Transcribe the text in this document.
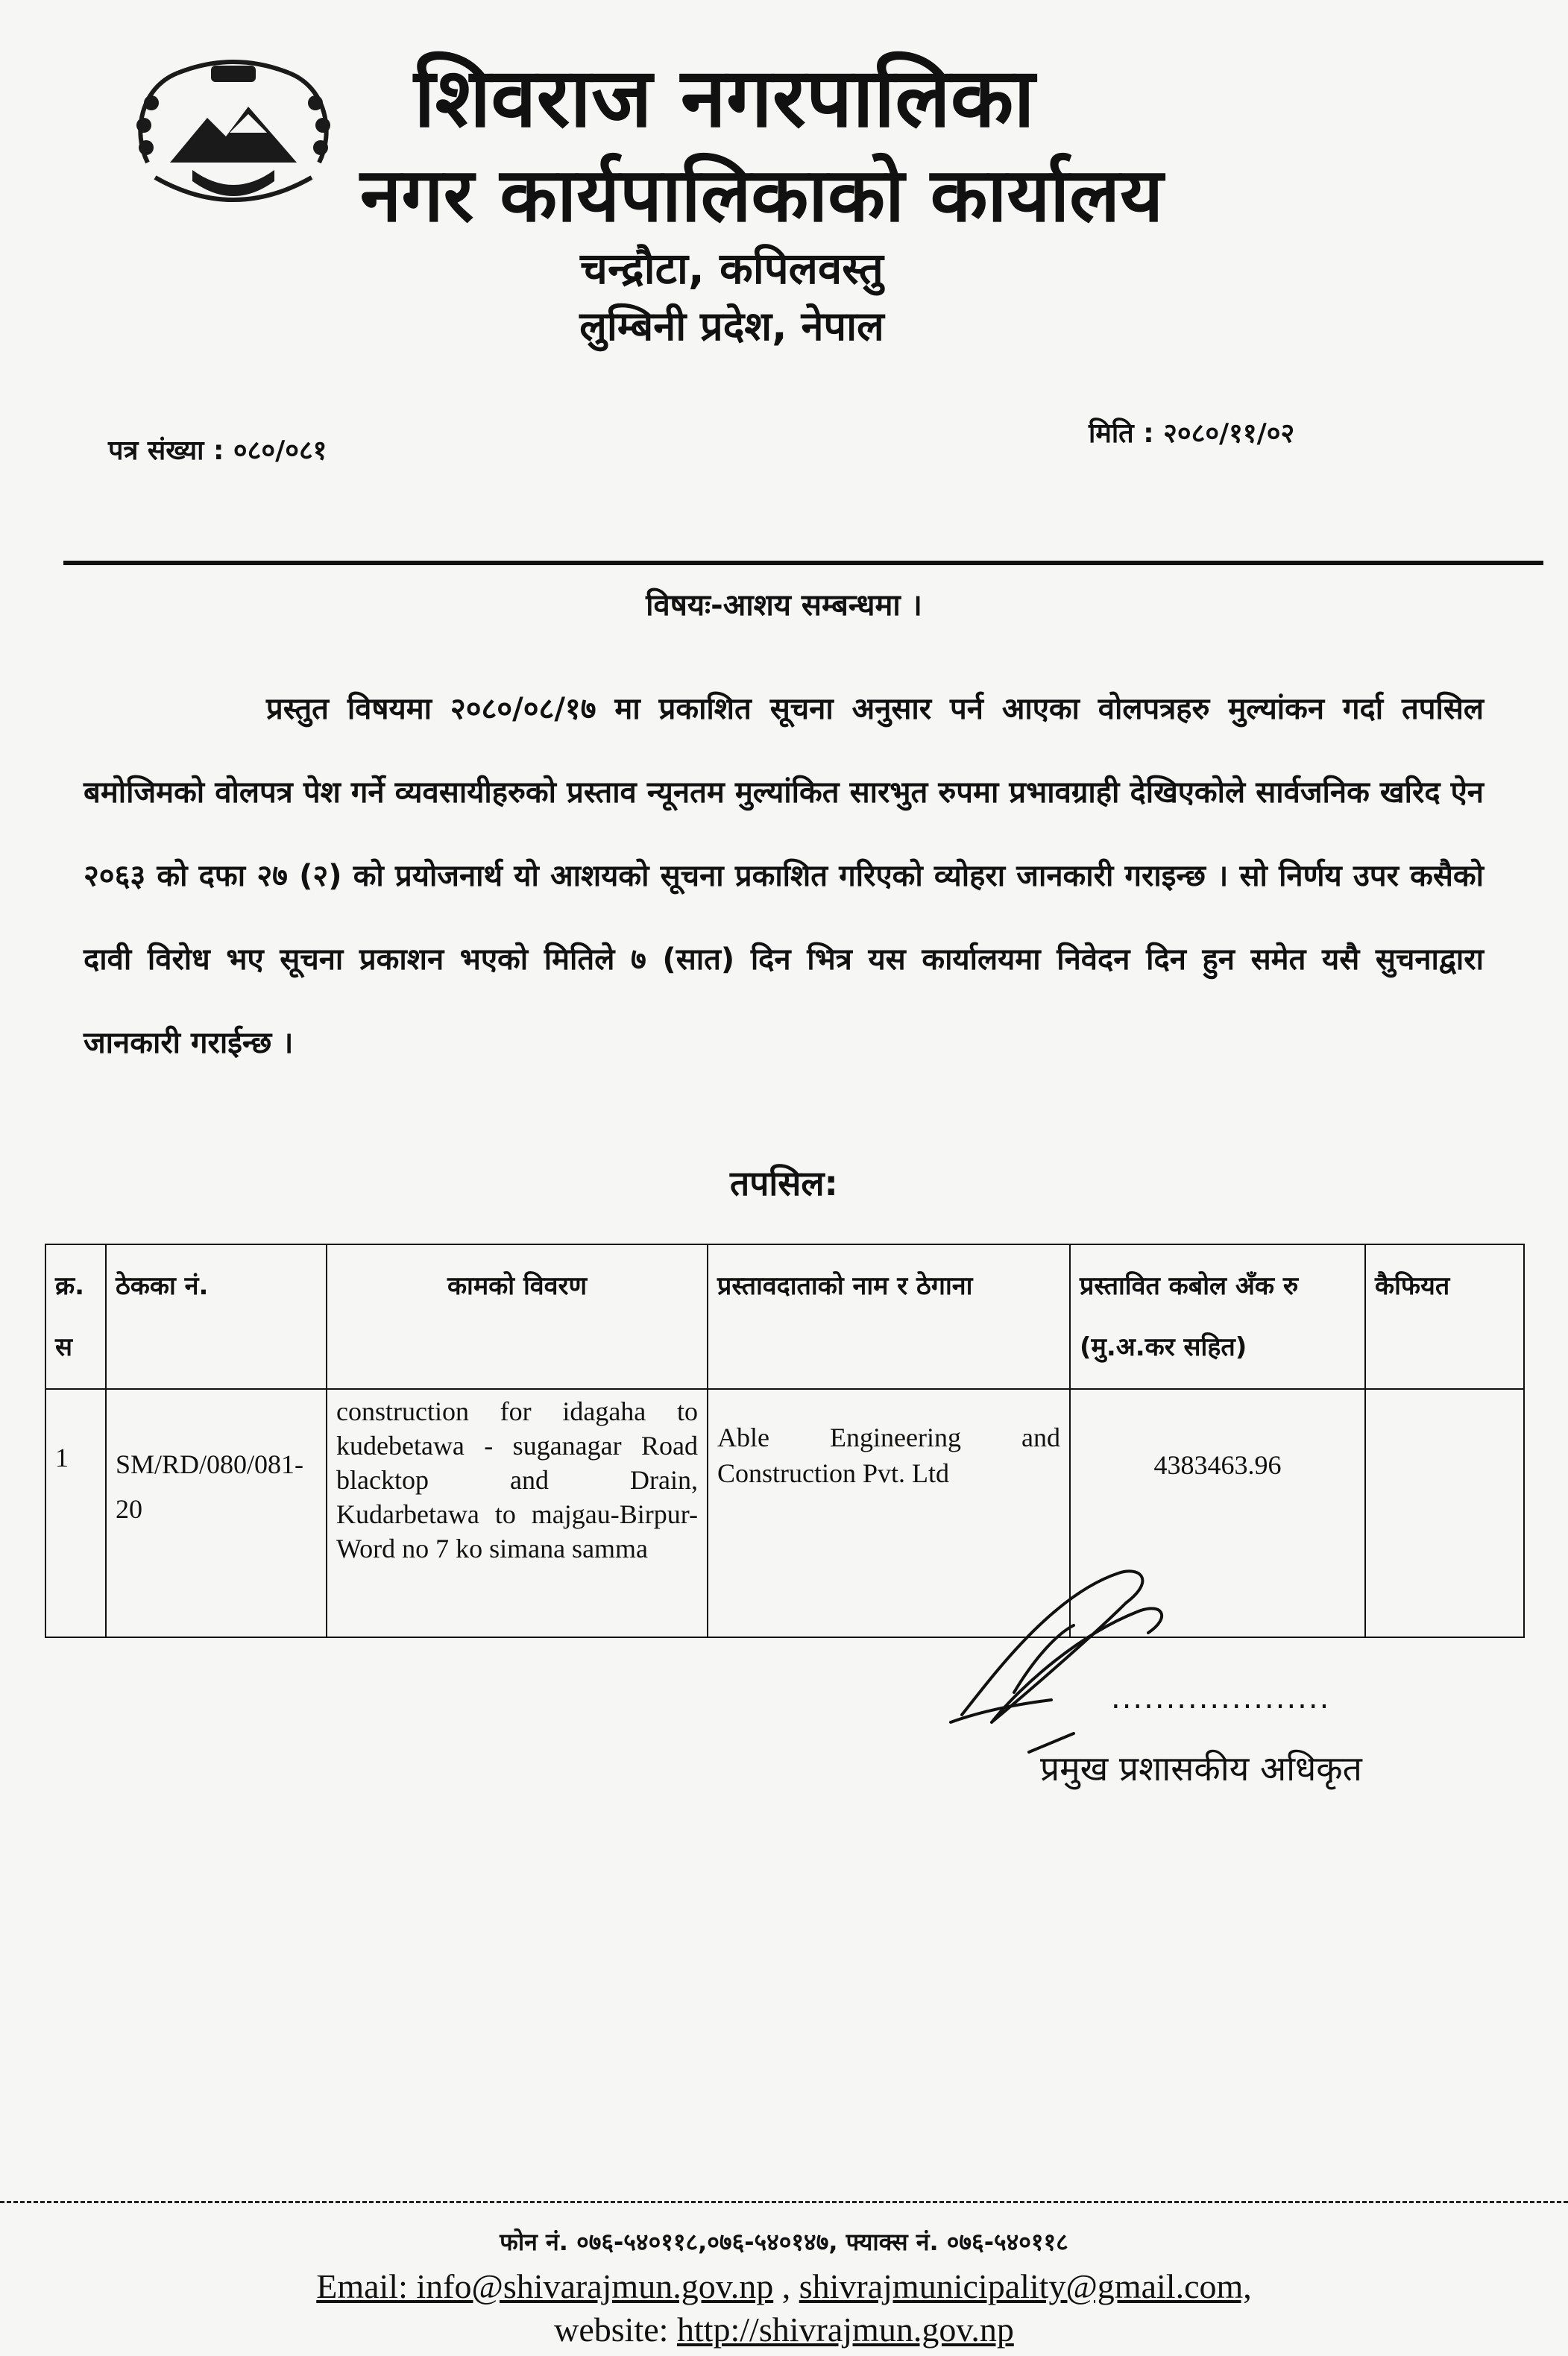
शिवराज नगरपालिका
नगर कार्यपालिकाको कार्यालय
चन्द्रौटा, कपिलवस्तु
लुम्बिनी प्रदेश, नेपाल
पत्र संख्या : ०८०/०८१
मिति : २०८०/११/०२
विषयः-आशय सम्बन्धमा ।

प्रस्तुत विषयमा २०८०/०८/१७ मा प्रकाशित सूचना अनुसार पर्न आएका वोलपत्रहरु मुल्यांकन गर्दा तपसिल बमोजिमको वोलपत्र पेश गर्ने व्यवसायीहरुको प्रस्ताव न्यूनतम मुल्यांकित सारभुत रुपमा प्रभावग्राही देखिएकोले सार्वजनिक खरिद ऐन २०६३ को दफा २७ (२) को प्रयोजनार्थ यो आशयको सूचना प्रकाशित गरिएको व्योहरा जानकारी गराइन्छ । सो निर्णय उपर कसैको दावी विरोध भए सूचना प्रकाशन भएको मितिले ७ (सात) दिन भित्र यस कार्यालयमा निवेदन दिन हुन समेत यसै सुचनाद्वारा जानकारी गराईन्छ ।

तपसिल:
क्र. स	ठेकका नं.	कामको विवरण	प्रस्तावदाताको नाम र ठेगाना	प्रस्तावित कबोल अँक रु (मु.अ.कर सहित)	कैफियत
1	SM/RD/080/081-20	construction for idagaha to kudebetawa - suganagar Road blacktop and Drain, Kudarbetawa to majgau-Birpur-Word no 7 ko simana samma	Able Engineering and Construction Pvt. Ltd	4383463.96	
....................
प्रमुख प्रशासकीय अधिकृत
फोन नं. ०७६-५४०११८,०७६-५४०१४७, फ्याक्स नं. ०७६-५४०११८
Email: info@shivarajmun.gov.np , shivrajmunicipality@gmail.com,
website: http://shivrajmun.gov.np
